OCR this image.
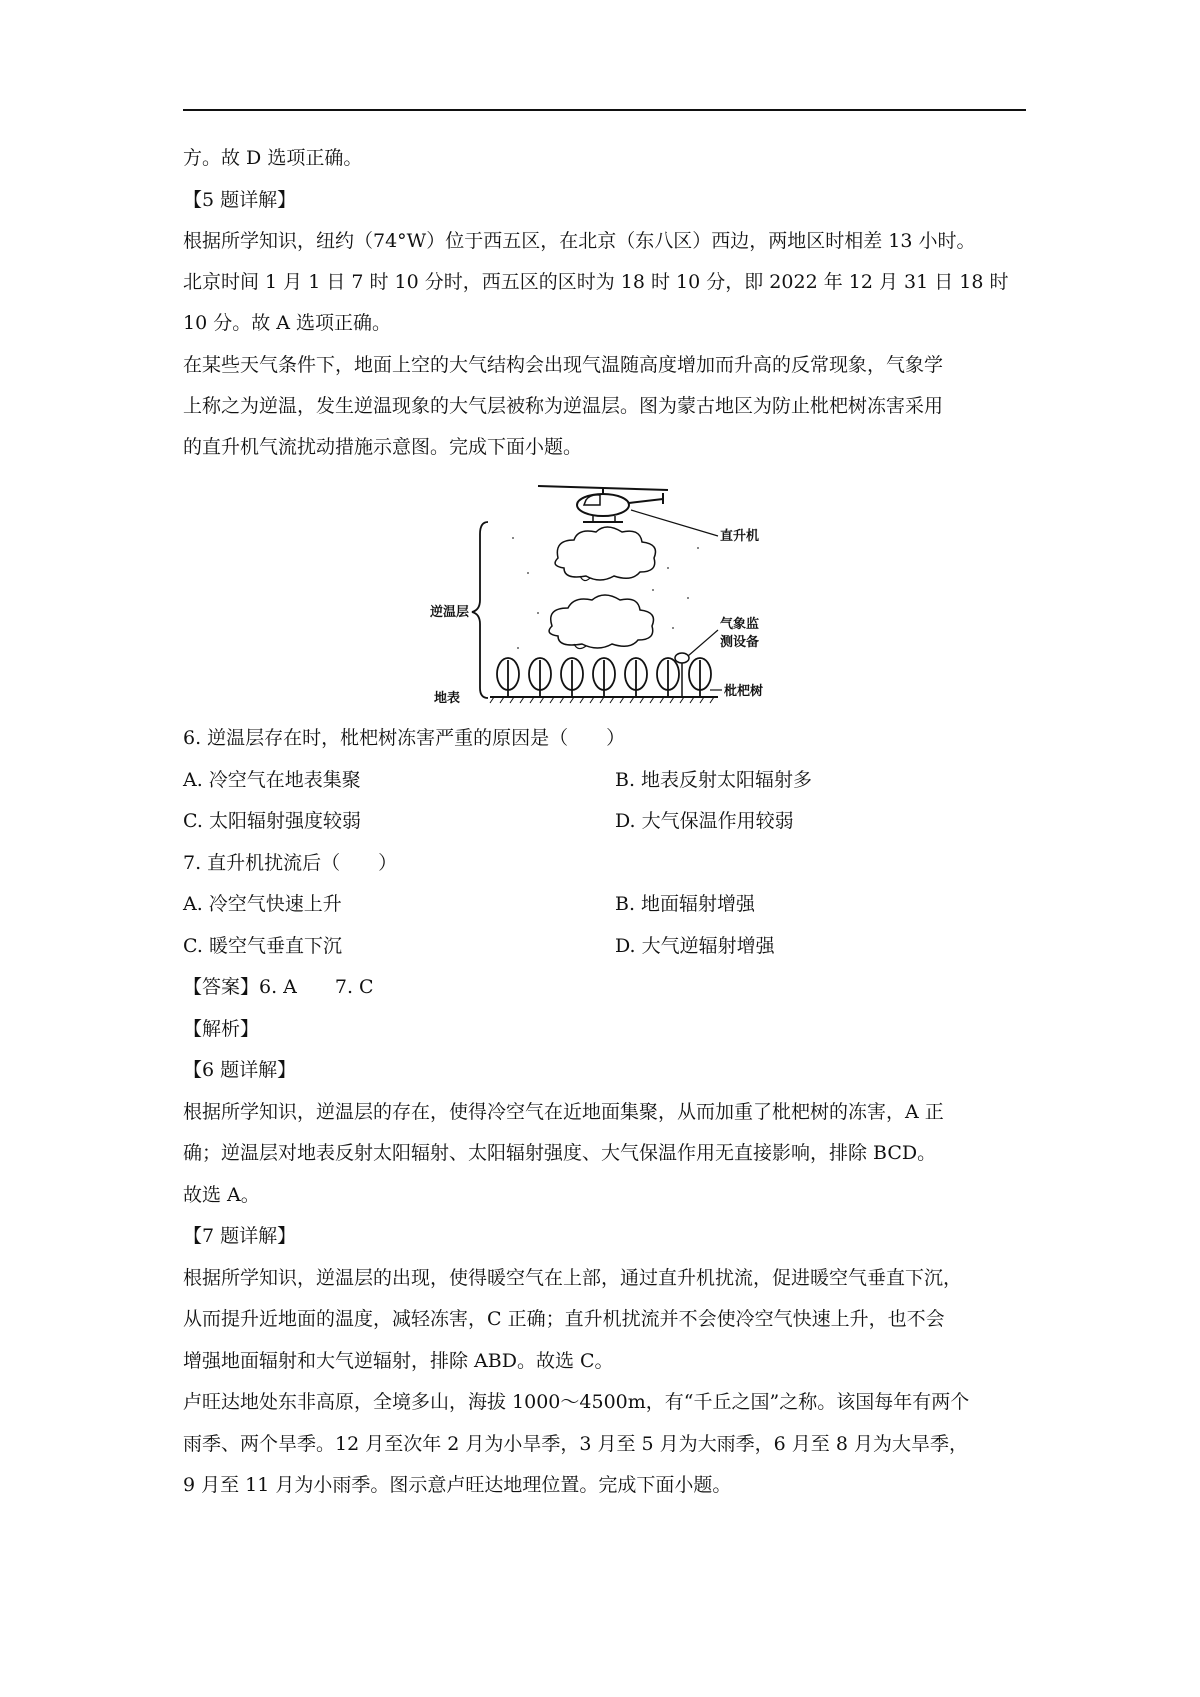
方。故 D 选项正确。
【5 题详解】
根据所学知识，纽约（74°W）位于西五区，在北京（东八区）西边，两地区时相差 13 小时。
北京时间 1 月 1 日 7 时 10 分时，西五区的区时为 18 时 10 分，即 2022 年 12 月 31 日 18 时
10 分。故 A 选项正确。
在某些天气条件下，地面上空的大气结构会出现气温随高度增加而升高的反常现象，气象学
上称之为逆温，发生逆温现象的大气层被称为逆温层。图为蒙古地区为防止枇杷树冻害采用
的直升机气流扰动措施示意图。完成下面小题。
直升机
逆温层
气象监
测设备
地表	枇杷树
6. 逆温层存在时，枇杷树冻害严重的原因是（　　）
A. 冷空气在地表集聚	B. 地表反射太阳辐射多
C. 太阳辐射强度较弱	D. 大气保温作用较弱
7. 直升机扰流后（　　）
A. 冷空气快速上升	B. 地面辐射增强
C. 暖空气垂直下沉	D. 大气逆辐射增强
【答案】6. A　　7. C
【解析】
【6 题详解】
根据所学知识，逆温层的存在，使得冷空气在近地面集聚，从而加重了枇杷树的冻害，A 正
确；逆温层对地表反射太阳辐射、太阳辐射强度、大气保温作用无直接影响，排除 BCD。
故选 A。
【7 题详解】
根据所学知识，逆温层的出现，使得暖空气在上部，通过直升机扰流，促进暖空气垂直下沉，
从而提升近地面的温度，减轻冻害，C 正确；直升机扰流并不会使冷空气快速上升，也不会
增强地面辐射和大气逆辐射，排除 ABD。故选 C。
卢旺达地处东非高原，全境多山，海拔 1000～4500m，有“千丘之国”之称。该国每年有两个
雨季、两个旱季。12 月至次年 2 月为小旱季，3 月至 5 月为大雨季，6 月至 8 月为大旱季，
9 月至 11 月为小雨季。图示意卢旺达地理位置。完成下面小题。
